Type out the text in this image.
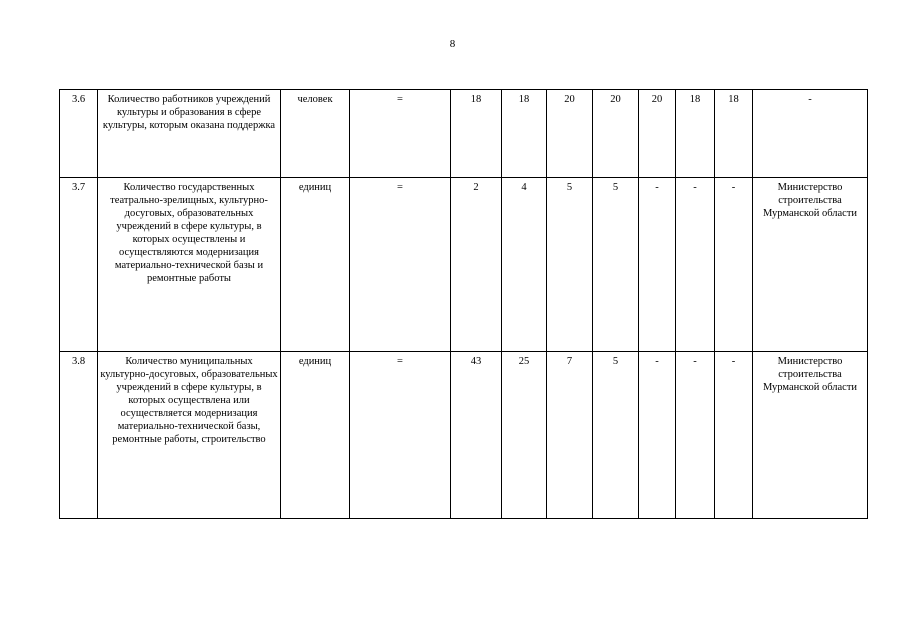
8
3.6	Количество работников учреждений культуры и образования в сфере культуры, которым оказана поддержка	человек	=	18	18	20	20	20	18	18	-
3.7	Количество государственных театрально-зрелищных, культурно-досуговых, образовательных учреждений в сфере культуры, в которых осуществлены и осуществляются модернизация материально-технической базы и ремонтные работы	единиц	=	2	4	5	5	-	-	-	Министерство строительства Мурманской области
3.8	Количество муниципальных культурно-досуговых, образовательных учреждений в сфере культуры, в которых осуществлена или осуществляется модернизация материально-технической базы, ремонтные работы, строительство	единиц	=	43	25	7	5	-	-	-	Министерство строительства Мурманской области
